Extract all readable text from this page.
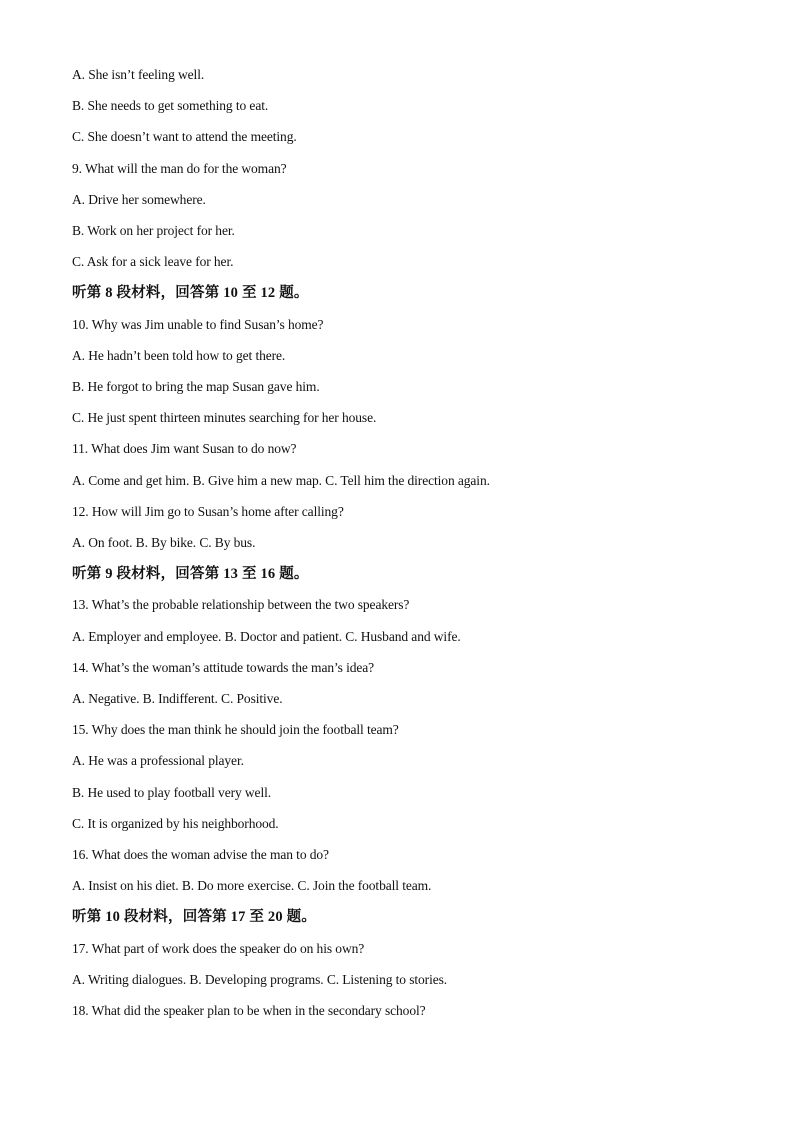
A. She isn’t feeling well.
B. She needs to get something to eat.
C. She doesn’t want to attend the meeting.
9. What will the man do for the woman?
A. Drive her somewhere.
B. Work on her project for her.
C. Ask for a sick leave for her.
听第 8 段材料，回答第 10 至 12 题。
10. Why was Jim unable to find Susan’s home?
A. He hadn’t been told how to get there.
B. He forgot to bring the map Susan gave him.
C. He just spent thirteen minutes searching for her house.
11. What does Jim want Susan to do now?
A. Come and get him. B. Give him a new map. C. Tell him the direction again.
12. How will Jim go to Susan’s home after calling?
A. On foot. B. By bike. C. By bus.
听第 9 段材料，回答第 13 至 16 题。
13. What’s the probable relationship between the two speakers?
A. Employer and employee. B. Doctor and patient. C. Husband and wife.
14. What’s the woman’s attitude towards the man’s idea?
A. Negative. B. Indifferent. C. Positive.
15. Why does the man think he should join the football team?
A. He was a professional player.
B. He used to play football very well.
C. It is organized by his neighborhood.
16. What does the woman advise the man to do?
A. Insist on his diet. B. Do more exercise. C. Join the football team.
听第 10 段材料，回答第 17 至 20 题。
17. What part of work does the speaker do on his own?
A. Writing dialogues. B. Developing programs. C. Listening to stories.
18. What did the speaker plan to be when in the secondary school?
